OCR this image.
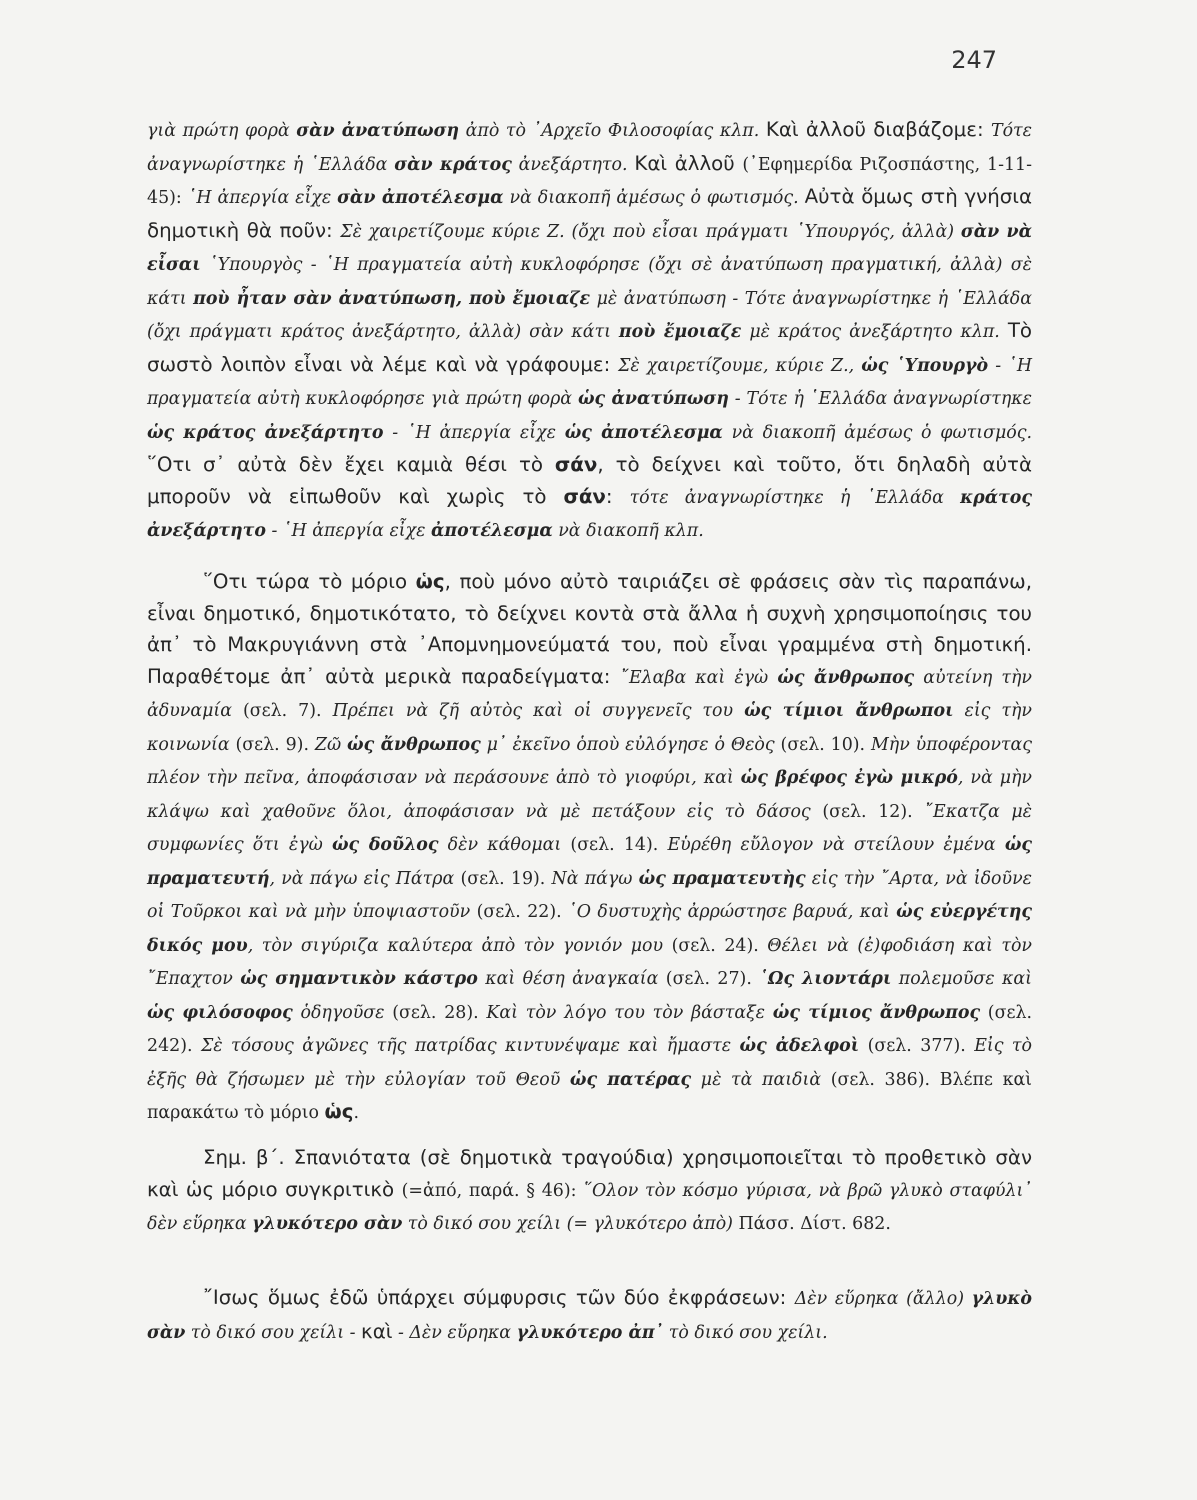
247

γιὰ πρώτη φορὰ σὰν ἀνατύπωση ἀπὸ τὸ ᾿Αρχεῖο Φιλοσοφίας κλπ. Καὶ ἀλλοῦ διαβάζομε: Τότε ἀναγνωρίστηκε ἡ ῾Ελλάδα σὰν κράτος ἀνεξάρτητο. Καὶ ἀλλοῦ (᾿Εφημερίδα Ριζοσπάστης, 1-11-45): ῾Η ἀπεργία εἶχε σὰν ἀποτέλεσμα νὰ διακοπῆ ἀμέσως ὁ φωτισμός. Αὐτὰ ὅμως στὴ γνήσια δημοτικὴ θὰ ποῦν: Σὲ χαιρετίζουμε κύριε Ζ. (ὄχι ποὺ εἶσαι πράγματι ῾Υπουργός, ἀλλὰ) σὰν νὰ εἶσαι ῾Υπουργὸς - ῾Η πραγματεία αὐτὴ κυκλοφόρησε (ὄχι σὲ ἀνατύπωση πραγματική, ἀλλὰ) σὲ κάτι ποὺ ἦταν σὰν ἀνατύπωση, ποὺ ἔμοιαζε μὲ ἀνατύπωση - Τότε ἀναγνωρίστηκε ἡ ῾Ελλάδα (ὄχι πράγματι κράτος ἀνεξάρτητο, ἀλλὰ) σὰν κάτι ποὺ ἔμοιαζε μὲ κράτος ἀνεξάρτητο κλπ. Τὸ σωστὸ λοιπὸν εἶναι νὰ λέμε καὶ νὰ γράφουμε: Σὲ χαιρετίζουμε, κύριε Ζ., ὡς ῾Υπουργὸ - ῾Η πραγματεία αὐτὴ κυκλοφόρησε γιὰ πρώτη φορὰ ὡς ἀνατύπωση - Τότε ἡ ῾Ελλάδα ἀναγνωρίστηκε ὡς κράτος ἀνεξάρτητο - ῾Η ἀπεργία εἶχε ὡς ἀποτέλεσμα νὰ διακοπῆ ἀμέσως ὁ φωτισμός. ῞Οτι σ᾿ αὐτὰ δὲν ἔχει καμιὰ θέσι τὸ σάν, τὸ δείχνει καὶ τοῦτο, ὅτι δηλαδὴ αὐτὰ μποροῦν νὰ εἰπωθοῦν καὶ χωρὶς τὸ σάν: τότε ἀναγνωρίστηκε ἡ ῾Ελλάδα κράτος ἀνεξάρτητο - ῾Η ἀπεργία εἶχε ἀποτέλεσμα νὰ διακοπῆ κλπ.

῞Οτι τώρα τὸ μόριο ὡς, ποὺ μόνο αὐτὸ ταιριάζει σὲ φράσεις σὰν τὶς παραπάνω, εἶναι δημοτικό, δημοτικότατο, τὸ δείχνει κοντὰ στὰ ἄλλα ἡ συχνὴ χρησιμοποίησις του ἀπ᾿ τὸ Μακρυγιάννη στὰ ᾿Απομνημονεύματά του, ποὺ εἶναι γραμμένα στὴ δημοτική. Παραθέτομε ἀπ᾿ αὐτὰ μερικὰ παραδείγματα: ῎Ελαβα καὶ ἐγὼ ὡς ἄνθρωπος αὐτείνη τὴν ἀδυναμία (σελ. 7). Πρέπει νὰ ζῆ αὐτὸς καὶ οἱ συγγενεῖς του ὡς τίμιοι ἄνθρωποι εἰς τὴν κοινωνία (σελ. 9). Ζῶ ὡς ἄνθρωπος μ᾿ ἐκεῖνο ὁποὺ εὐλόγησε ὁ Θεὸς (σελ. 10). Μὴν ὑποφέροντας πλέον τὴν πεῖνα, ἀποφάσισαν νὰ περάσουνε ἀπὸ τὸ γιοφύρι, καὶ ὡς βρέφος ἐγὼ μικρό, νὰ μὴν κλάψω καὶ χαθοῦνε ὅλοι, ἀποφάσισαν νὰ μὲ πετάξουν εἰς τὸ δάσος (σελ. 12). ῎Εκατζα μὲ συμφωνίες ὅτι ἐγὼ ὡς δοῦλος δὲν κάθομαι (σελ. 14). Εὑρέθη εὔλογον νὰ στείλουν ἐμένα ὡς πραματευτή, νὰ πάγω εἰς Πάτρα (σελ. 19). Νὰ πάγω ὡς πραματευτὴς εἰς τὴν ῎Αρτα, νὰ ἰδοῦνε οἱ Τοῦρκοι καὶ νὰ μὴν ὑποψιαστοῦν (σελ. 22). ῾Ο δυστυχὴς ἀρρώστησε βαρυά, καὶ ὡς εὐεργέτης δικός μου, τὸν σιγύριζα καλύτερα ἀπὸ τὸν γονιόν μου (σελ. 24). Θέλει νὰ (ἐ)φοδιάση καὶ τὸν ῎Επαχτον ὡς σημαντικὸν κάστρο καὶ θέση ἀναγκαία (σελ. 27). ῾Ως λιοντάρι πολεμοῦσε καὶ ὡς φιλόσοφος ὁδηγοῦσε (σελ. 28). Καὶ τὸν λόγο του τὸν βάσταξε ὡς τίμιος ἄνθρωπος (σελ. 242). Σὲ τόσους ἀγῶνες τῆς πατρίδας κιντυνέψαμε καὶ ἤμαστε ὡς ἀδελφοὶ (σελ. 377). Εἰς τὸ ἑξῆς θὰ ζήσωμεν μὲ τὴν εὐλογίαν τοῦ Θεοῦ ὡς πατέρας μὲ τὰ παιδιὰ (σελ. 386). Βλέπε καὶ παρακάτω τὸ μόριο ὡς.

Σημ. β΄. Σπανιότατα (σὲ δημοτικὰ τραγούδια) χρησιμοποιεῖται τὸ προθετικὸ σὰν καὶ ὡς μόριο συγκριτικὸ (=ἀπό, παρά. § 46): ῞Ολον τὸν κόσμο γύρισα, νὰ βρῶ γλυκὸ σταφύλι᾿ δὲν εὕρηκα γλυκότερο σὰν τὸ δικό σου χείλι (= γλυκότερο ἀπὸ) Πάσσ. Δίστ. 682.

῎Ισως ὅμως ἐδῶ ὑπάρχει σύμφυρσις τῶν δύο ἐκφράσεων: Δὲν εὕρηκα (ἄλλο) γλυκὸ σὰν τὸ δικό σου χείλι - καὶ - Δὲν εὕρηκα γλυκότερο ἀπ᾿ τὸ δικό σου χείλι.
